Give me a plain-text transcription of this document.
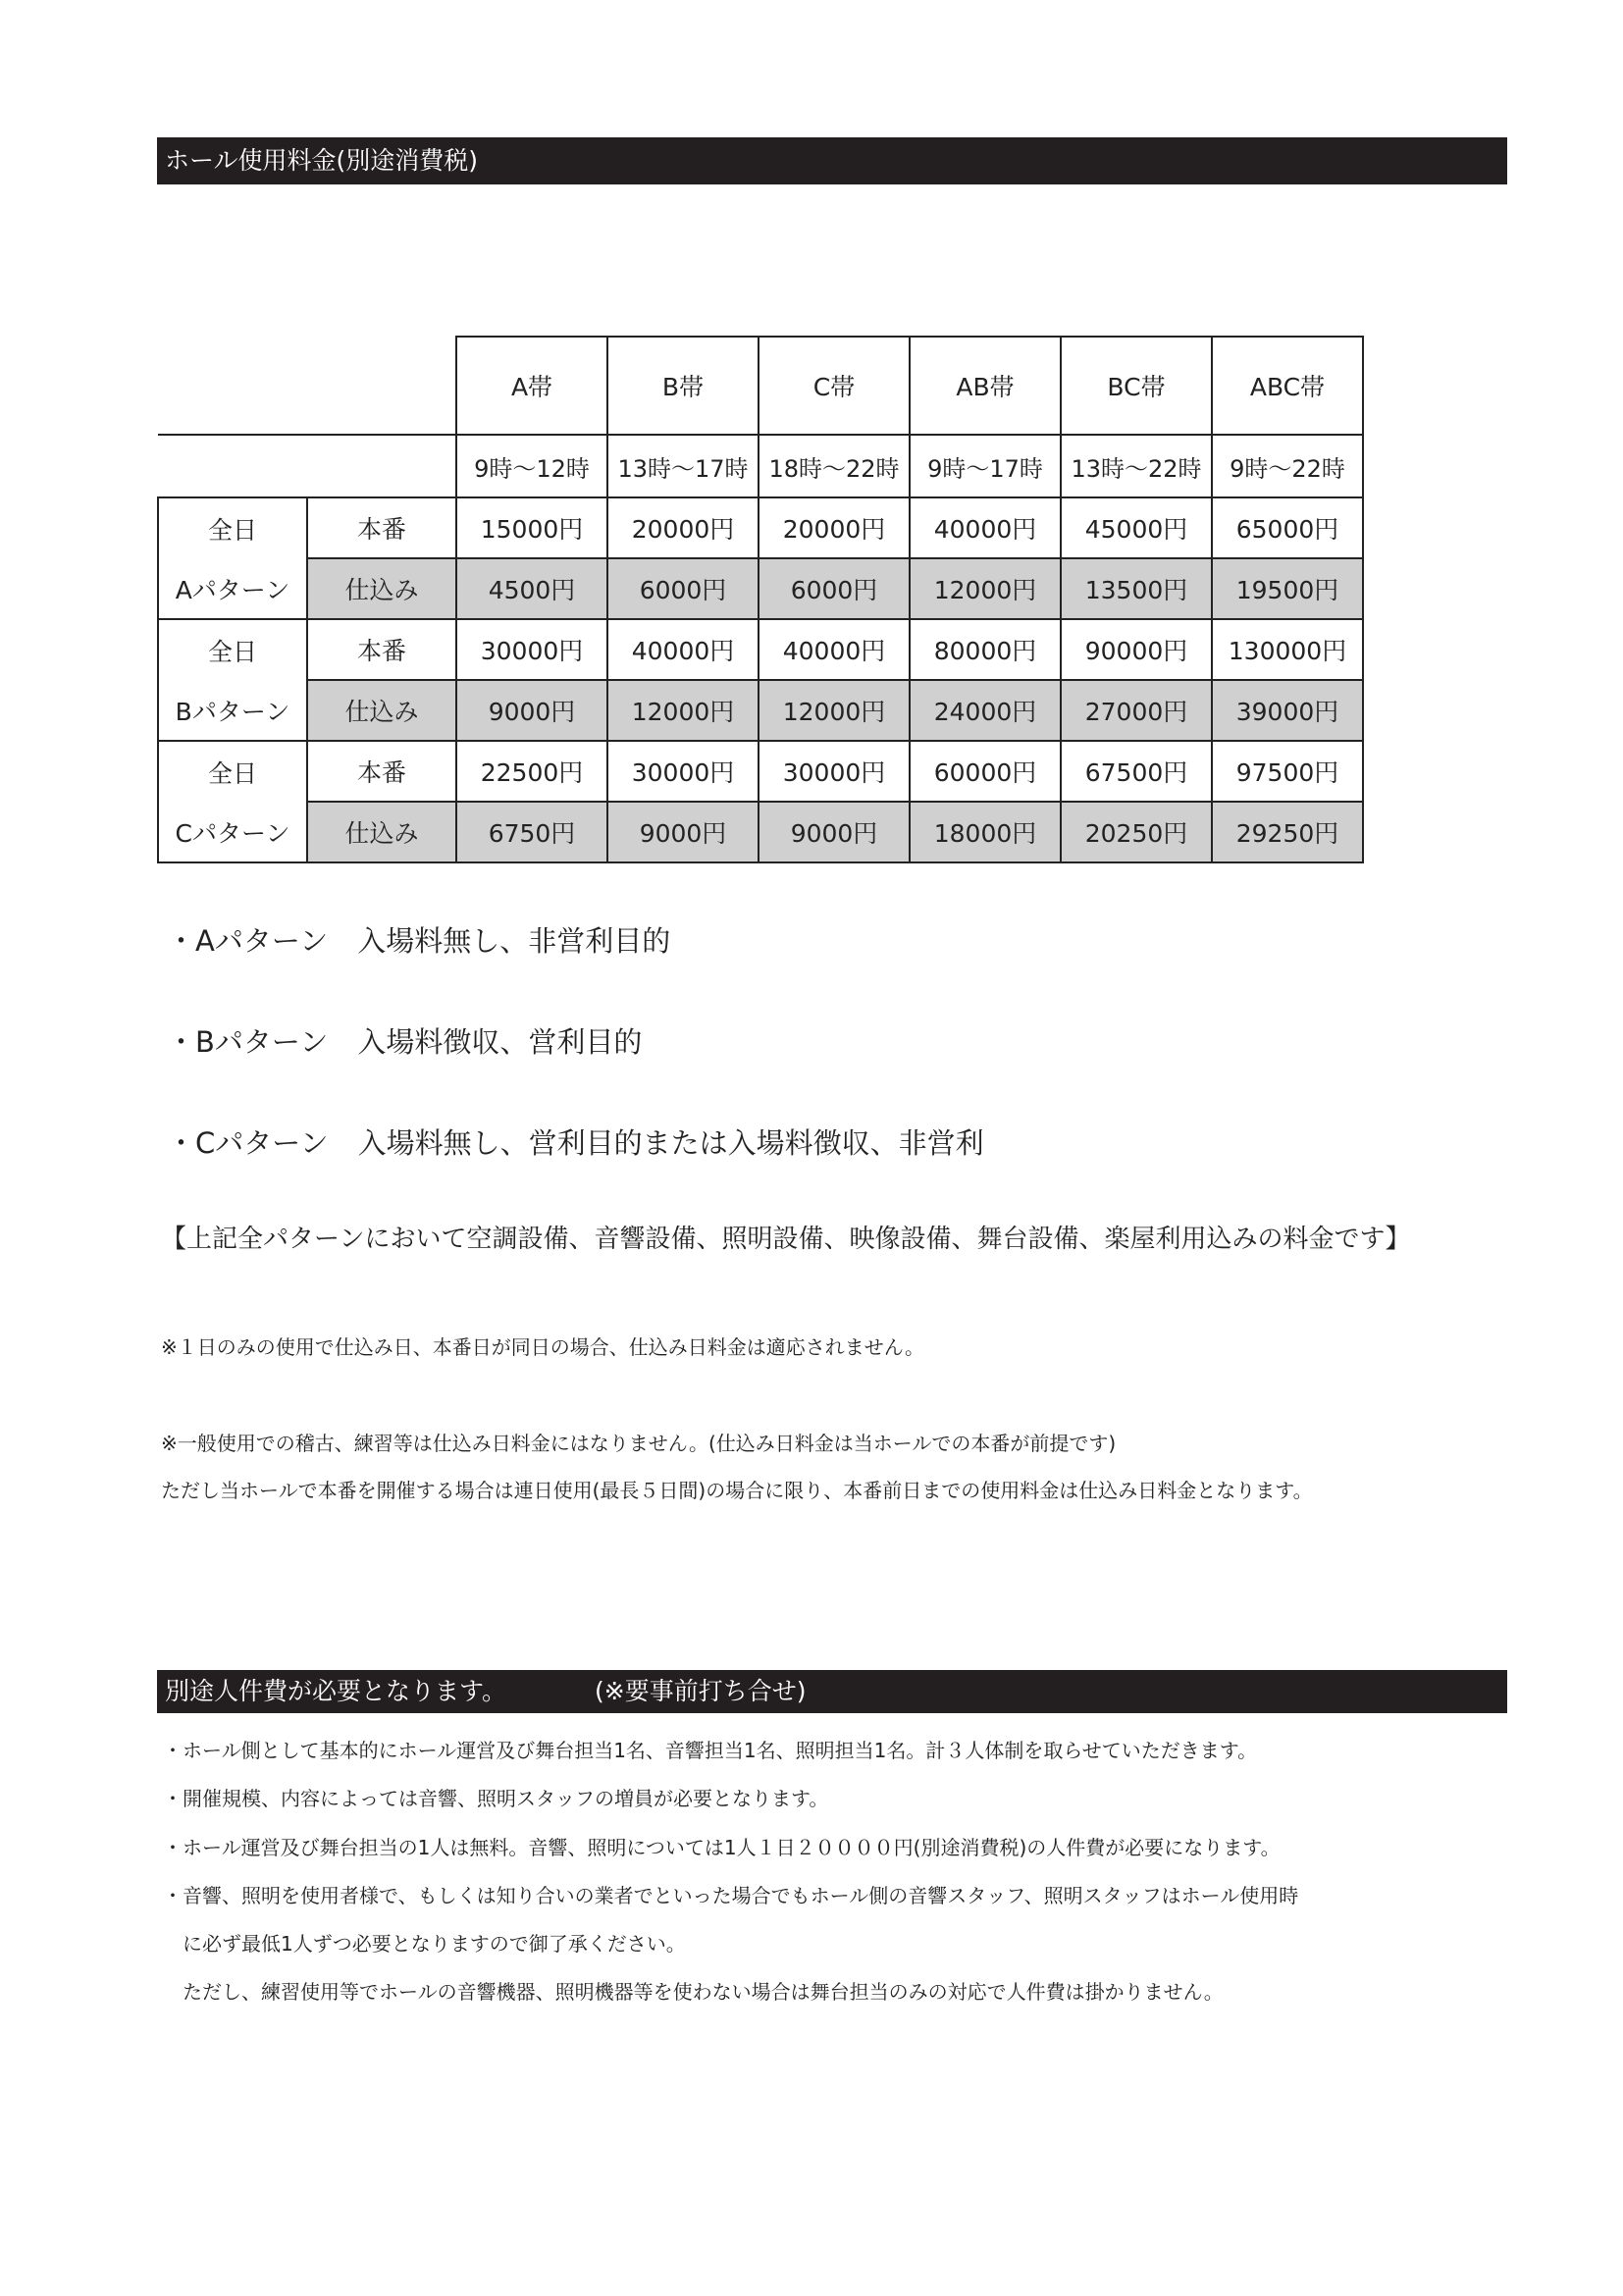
ホール使用料金(別途消費税)
		A帯	B帯	C帯	AB帯	BC帯	ABC帯
		9時～12時	13時～17時	18時～22時	9時～17時	13時～22時	9時～22時
全日	本番	15000円	20000円	20000円	40000円	45000円	65000円
Aパターン	仕込み	4500円	6000円	6000円	12000円	13500円	19500円
全日	本番	30000円	40000円	40000円	80000円	90000円	130000円
Bパターン	仕込み	9000円	12000円	12000円	24000円	27000円	39000円
全日	本番	22500円	30000円	30000円	60000円	67500円	97500円
Cパターン	仕込み	6750円	9000円	9000円	18000円	20250円	29250円
・Aパターン 入場料無し、非営利目的
・Bパターン 入場料徴収、営利目的
・Cパターン 入場料無し、営利目的または入場料徴収、非営利
【上記全パターンにおいて空調設備、音響設備、照明設備、映像設備、舞台設備、楽屋利用込みの料金です】
※１日のみの使用で仕込み日、本番日が同日の場合、仕込み日料金は適応されません。
※一般使用での稽古、練習等は仕込み日料金にはなりません。(仕込み日料金は当ホールでの本番が前提です)
ただし当ホールで本番を開催する場合は連日使用(最長５日間)の場合に限り、本番前日までの使用料金は仕込み日料金となります。
別途人件費が必要となります。	(※要事前打ち合せ)
・ホール側として基本的にホール運営及び舞台担当1名、音響担当1名、照明担当1名。計３人体制を取らせていただきます。
・開催規模、内容によっては音響、照明スタッフの増員が必要となります。
・ホール運営及び舞台担当の1人は無料。音響、照明については1人１日２００００円(別途消費税)の人件費が必要になります。
・音響、照明を使用者様で、もしくは知り合いの業者でといった場合でもホール側の音響スタッフ、照明スタッフはホール使用時
に必ず最低1人ずつ必要となりますので御了承ください。
ただし、練習使用等でホールの音響機器、照明機器等を使わない場合は舞台担当のみの対応で人件費は掛かりません。
